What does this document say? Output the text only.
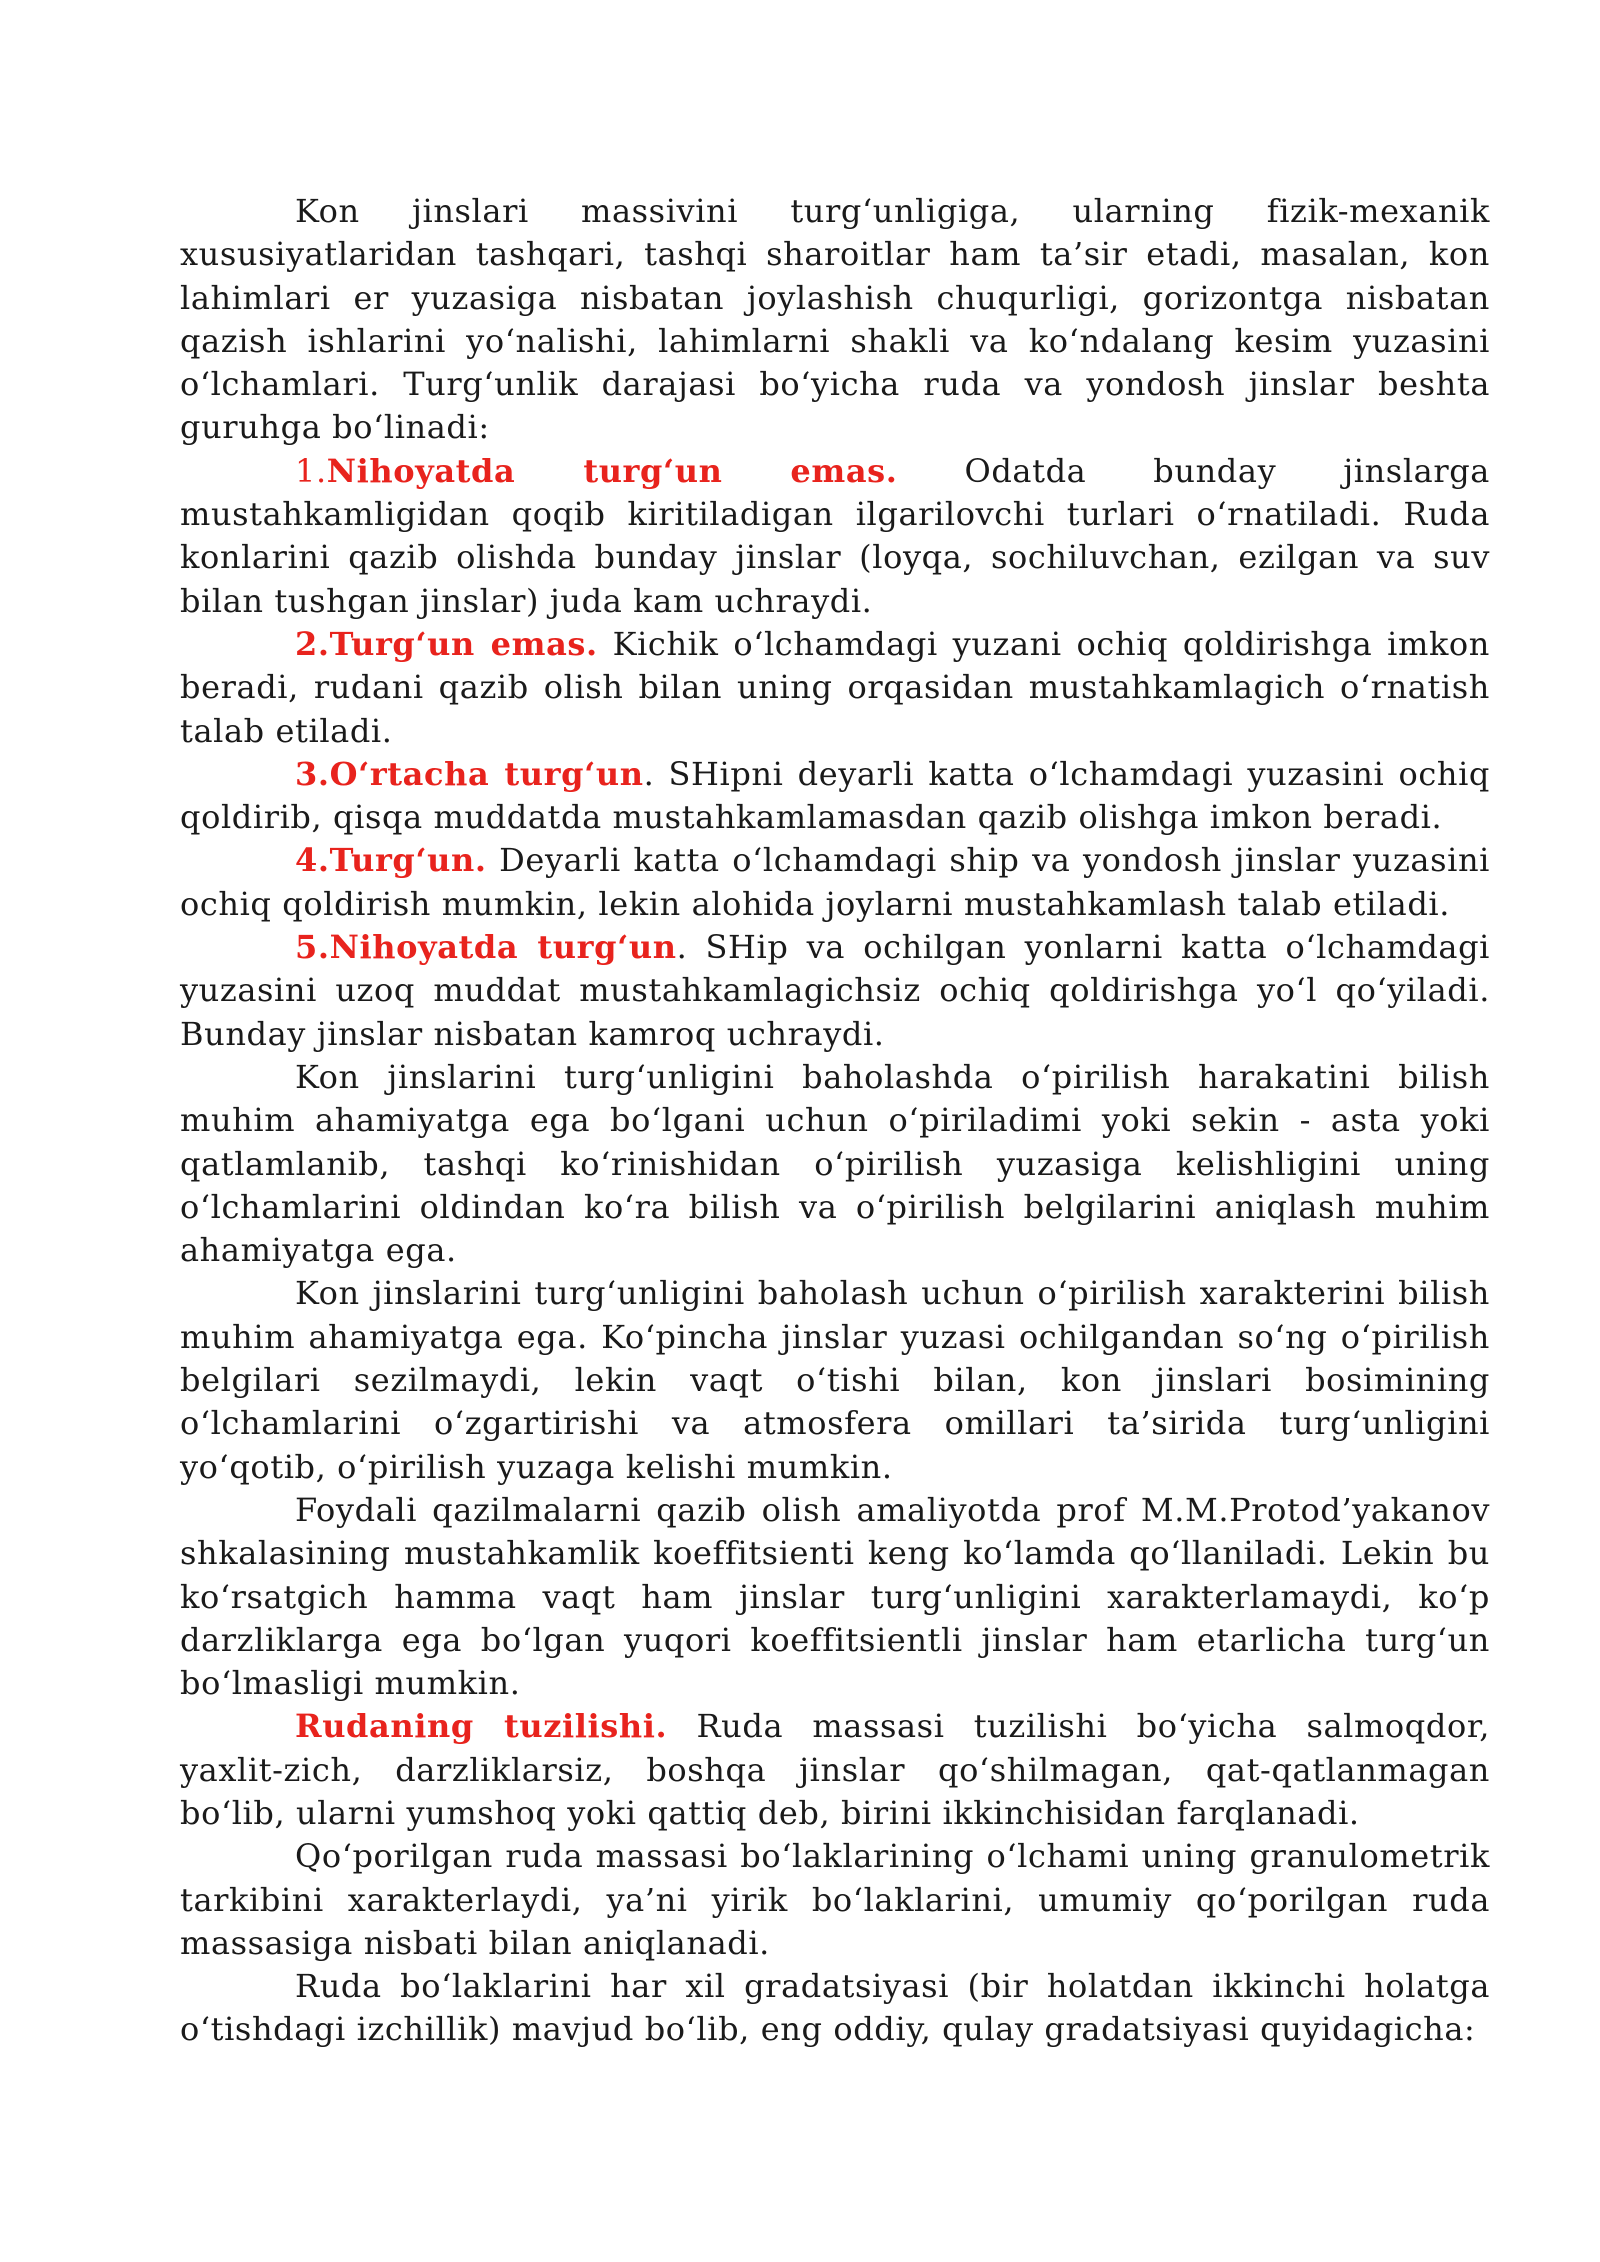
Kon jinslari massivini turg‘unligiga, ularning fizik-mexanik xususiyatlaridan tashqari, tashqi sharoitlar ham ta’sir etadi, masalan, kon lahimlari er yuzasiga nisbatan joylashish chuqurligi, gorizontga nisbatan qazish ishlarini yo‘nalishi, lahimlarni shakli va ko‘ndalang kesim yuzasini o‘lchamlari. Turg‘unlik darajasi bo‘yicha ruda va yondosh jinslar beshta guruhga bo‘linadi:

1.Nihoyatda turg‘un emas. Odatda bunday jinslarga mustahkamligidan qoqib kiritiladigan ilgarilovchi turlari o‘rnatiladi. Ruda konlarini qazib olishda bunday jinslar (loyqa, sochiluvchan, ezilgan va suv bilan tushgan jinslar) juda kam uchraydi.

2.Turg‘un emas. Kichik o‘lchamdagi yuzani ochiq qoldirishga imkon beradi, rudani qazib olish bilan uning orqasidan mustahkamlagich o‘rnatish talab etiladi.

3.O‘rtacha turg‘un. SHipni deyarli katta o‘lchamdagi yuzasini ochiq qoldirib, qisqa muddatda mustahkamlamasdan qazib olishga imkon beradi.

4.Turg‘un. Deyarli katta o‘lchamdagi ship va yondosh jinslar yuzasini ochiq qoldirish mumkin, lekin alohida joylarni mustahkamlash talab etiladi.

5.Nihoyatda turg‘un. SHip va ochilgan yonlarni katta o‘lchamdagi yuzasini uzoq muddat mustahkamlagichsiz ochiq qoldirishga yo‘l qo‘yiladi. Bunday jinslar nisbatan kamroq uchraydi.

Kon jinslarini turg‘unligini baholashda o‘pirilish harakatini bilish muhim ahamiyatga ega bo‘lgani uchun o‘piriladimi yoki sekin - asta yoki qatlamlanib, tashqi ko‘rinishidan o‘pirilish yuzasiga kelishligini uning o‘lchamlarini oldindan ko‘ra bilish va o‘pirilish belgilarini aniqlash muhim ahamiyatga ega.

Kon jinslarini turg‘unligini baholash uchun o‘pirilish xarakterini bilish muhim ahamiyatga ega. Ko‘pincha jinslar yuzasi ochilgandan so‘ng o‘pirilish belgilari sezilmaydi, lekin vaqt o‘tishi bilan, kon jinslari bosimining o‘lchamlarini o‘zgartirishi va atmosfera omillari ta’sirida turg‘unligini yo‘qotib, o‘pirilish yuzaga kelishi mumkin.

Foydali qazilmalarni qazib olish amaliyotda prof M.M.Protod’yakanov shkalasining mustahkamlik koeffitsienti keng ko‘lamda qo‘llaniladi. Lekin bu ko‘rsatgich hamma vaqt ham jinslar turg‘unligini xarakterlamaydi, ko‘p darzliklarga ega bo‘lgan yuqori koeffitsientli jinslar ham etarlicha turg‘un bo‘lmasligi mumkin.

Rudaning tuzilishi. Ruda massasi tuzilishi bo‘yicha salmoqdor, yaxlit-zich, darzliklarsiz, boshqa jinslar qo‘shilmagan, qat-qatlanmagan bo‘lib, ularni yumshoq yoki qattiq deb, birini ikkinchisidan farqlanadi.

Qo‘porilgan ruda massasi bo‘laklarining o‘lchami uning granulometrik tarkibini xarakterlaydi, ya’ni yirik bo‘laklarini, umumiy qo‘porilgan ruda massasiga nisbati bilan aniqlanadi.

Ruda bo‘laklarini har xil gradatsiyasi (bir holatdan ikkinchi holatga o‘tishdagi izchillik) mavjud bo‘lib, eng oddiy, qulay gradatsiyasi quyidagicha:
